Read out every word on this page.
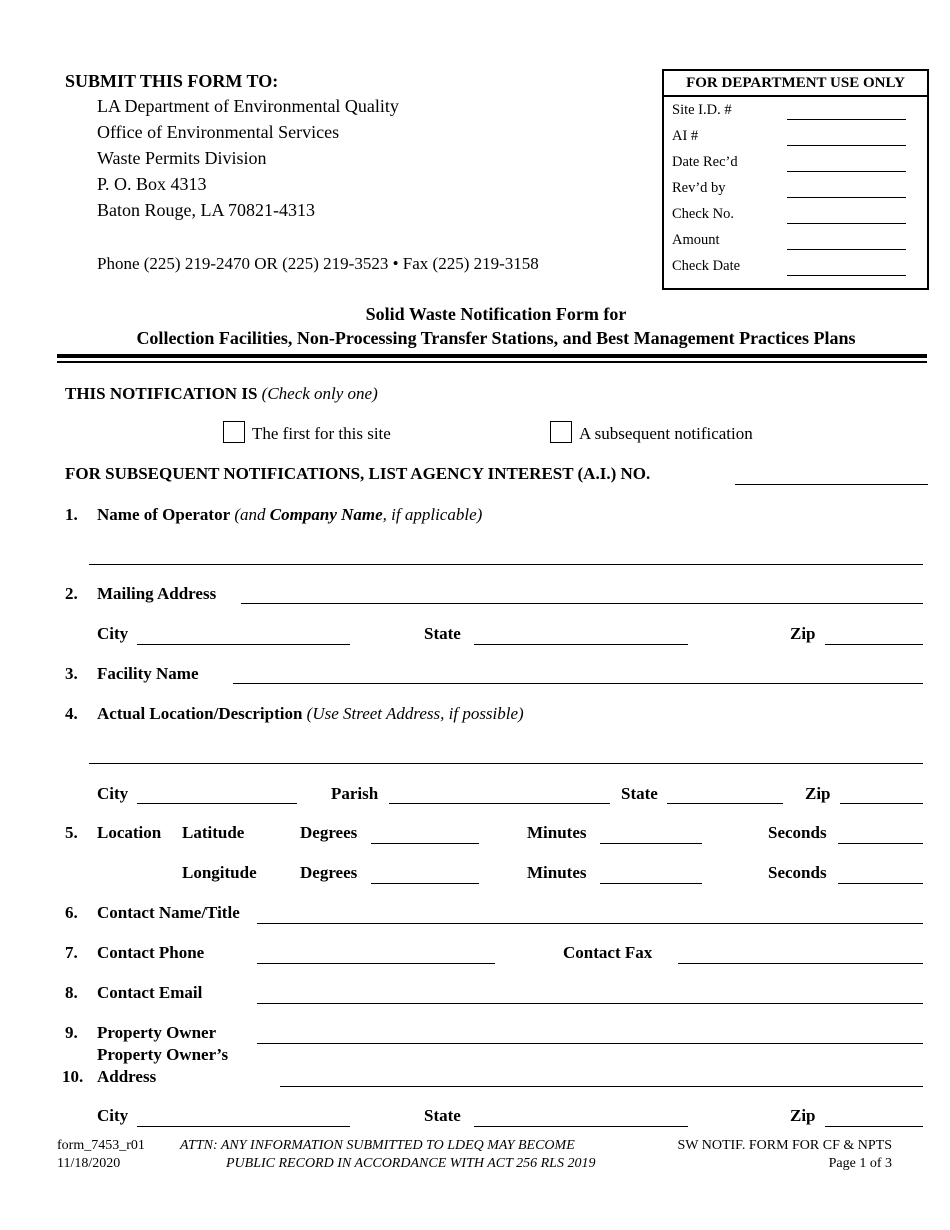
SUBMIT THIS FORM TO:
LA Department of Environmental Quality
Office of Environmental Services
Waste Permits Division
P. O. Box 4313
Baton Rouge, LA 70821-4313
Phone (225) 219-2470 OR (225) 219-3523 • Fax (225) 219-3158
FOR DEPARTMENT USE ONLY
Site I.D. #
AI #
Date Rec’d
Rev’d by
Check No.
Amount
Check Date
Solid Waste Notification Form for
Collection Facilities, Non-Processing Transfer Stations, and Best Management Practices Plans
THIS NOTIFICATION IS (Check only one)
The first for this site	A subsequent notification
FOR SUBSEQUENT NOTIFICATIONS, LIST AGENCY INTEREST (A.I.) NO.
1. Name of Operator (and Company Name, if applicable)
2. Mailing Address
City	State	Zip
3. Facility Name
4. Actual Location/Description (Use Street Address, if possible)
City	Parish	State	Zip
5. Location Latitude	Degrees	Minutes	Seconds
Longitude	Degrees	Minutes	Seconds
6. Contact Name/Title
7. Contact Phone	Contact Fax
8. Contact Email
9. Property Owner
Property Owner’s
10. Address
City	State	Zip
form_7453_r01
11/18/2020
ATTN: ANY INFORMATION SUBMITTED TO LDEQ MAY BECOME
PUBLIC RECORD IN ACCORDANCE WITH ACT 256 RLS 2019
SW NOTIF. FORM FOR CF & NPTS
Page 1 of 3
